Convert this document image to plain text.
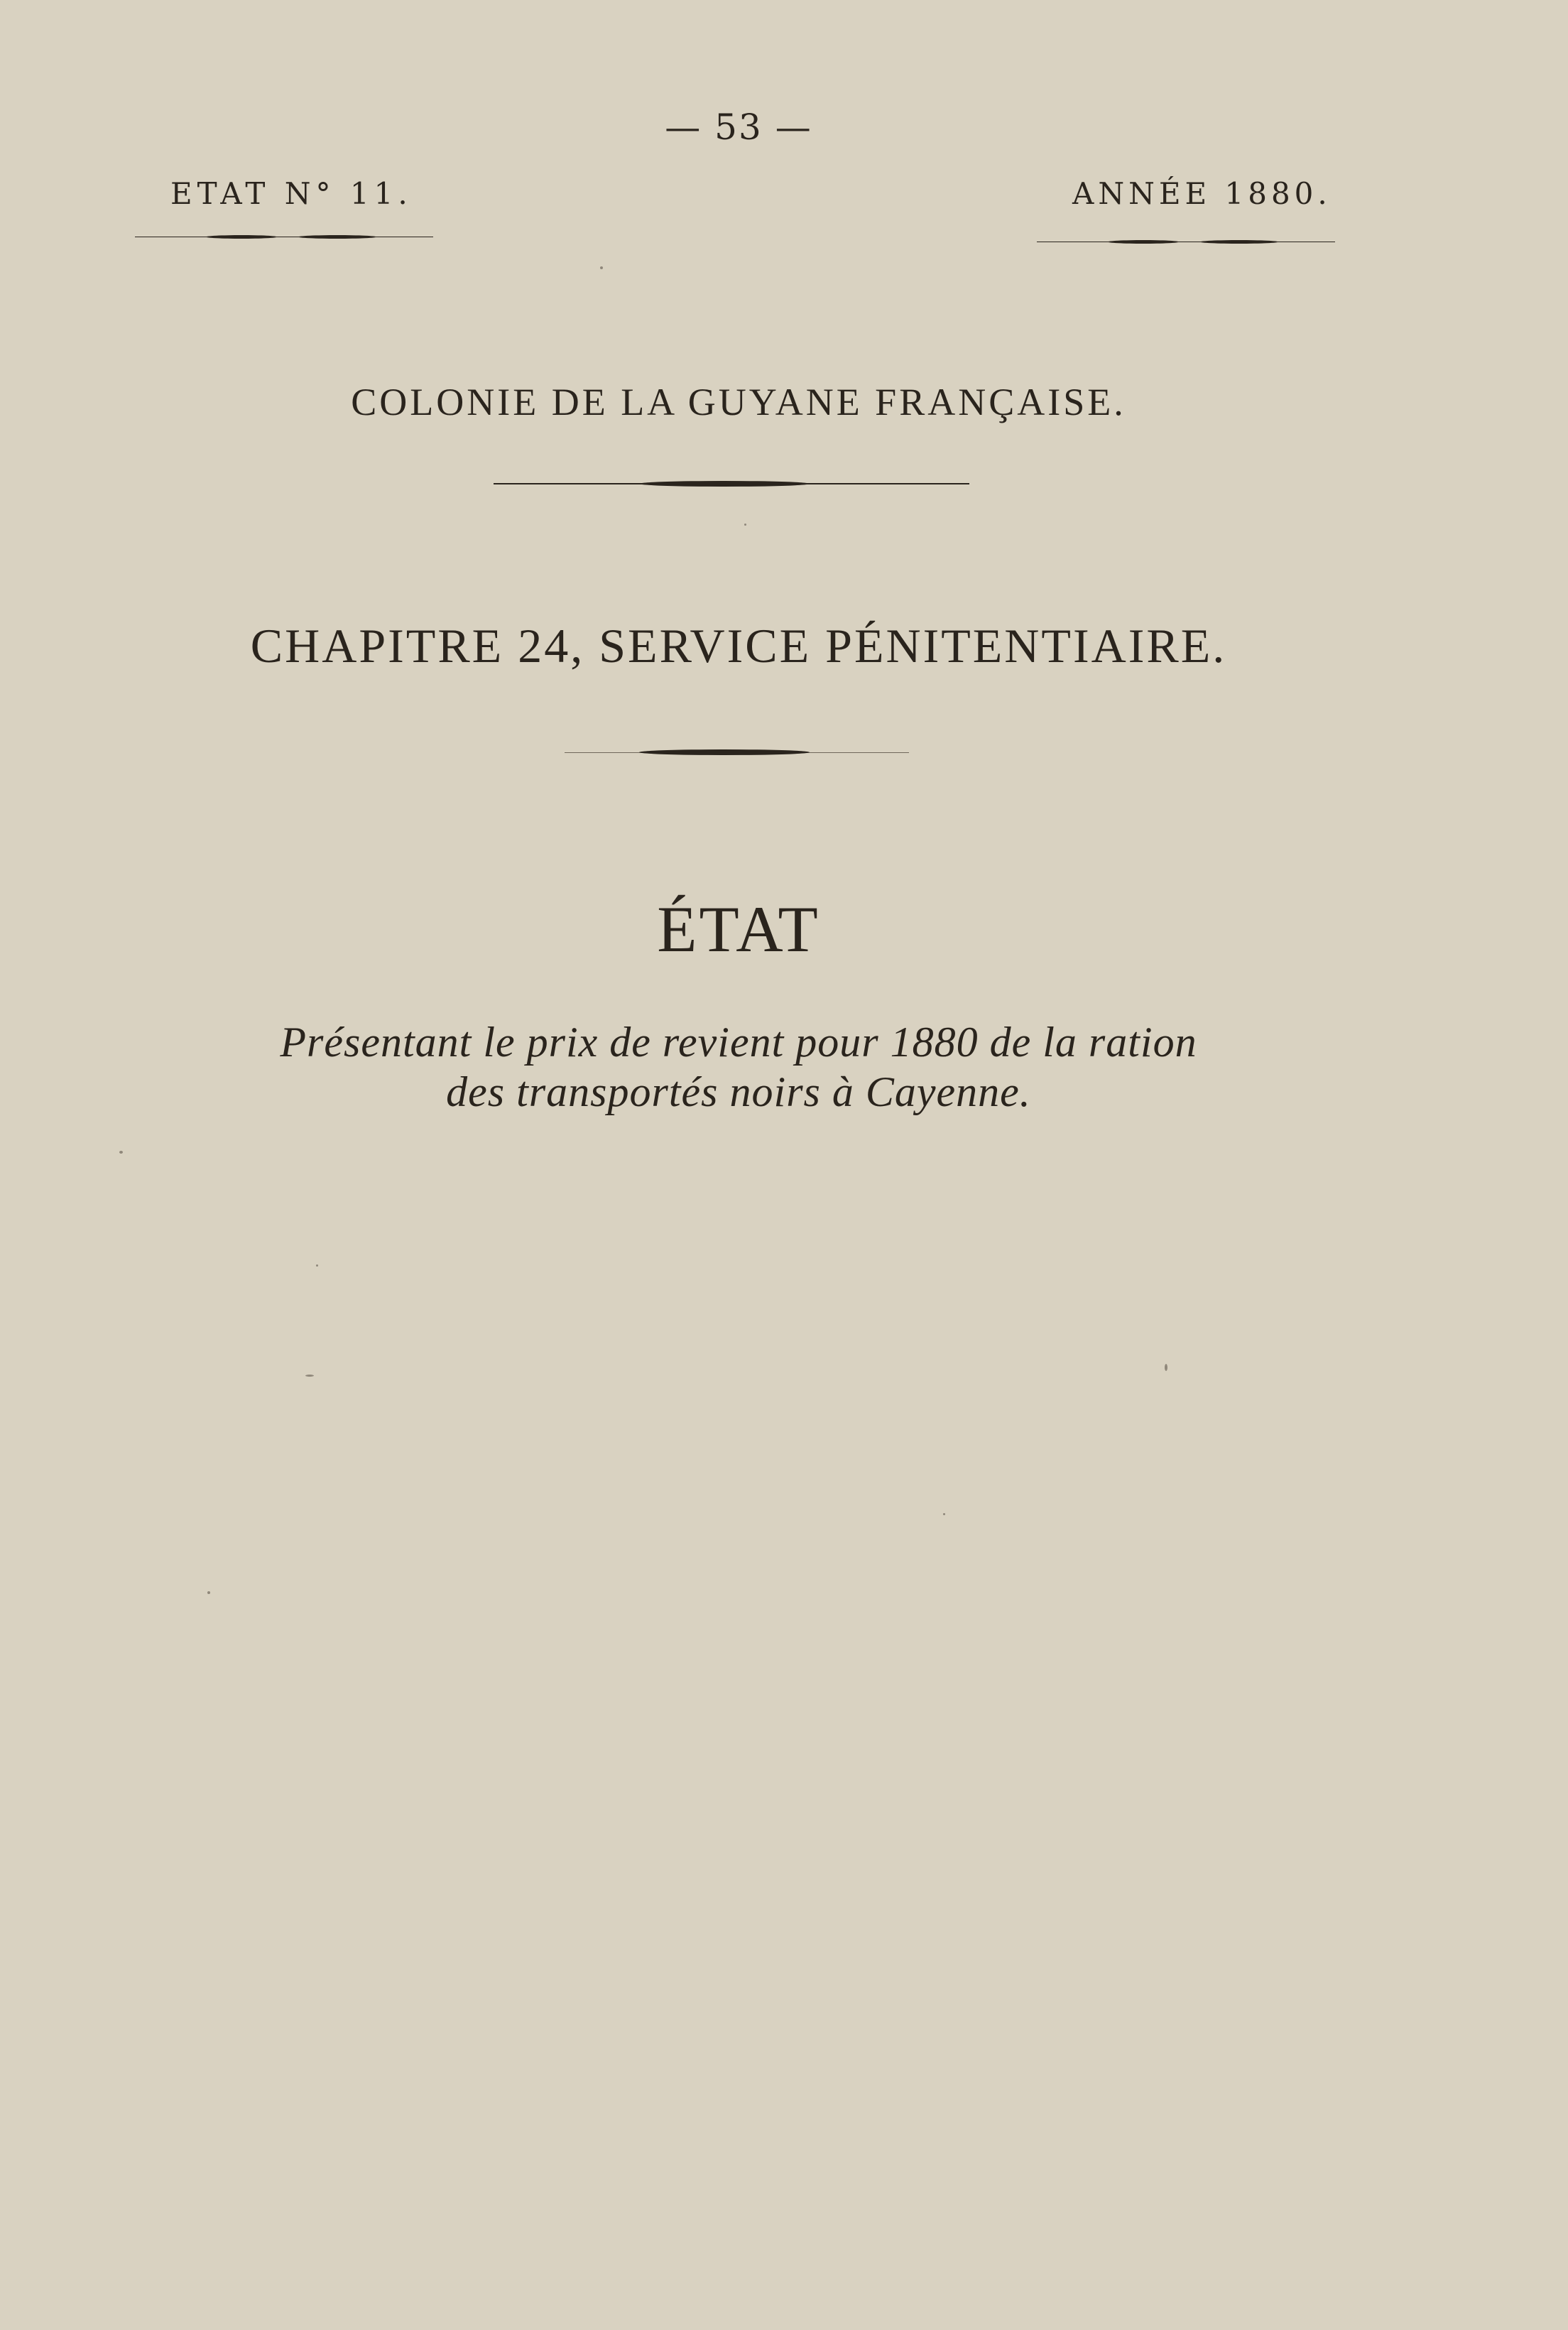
— 53 —
ETAT N° 11.	ANNÉE 1880.
COLONIE DE LA GUYANE FRANÇAISE.
CHAPITRE 24, SERVICE PÉNITENTIAIRE.
ÉTAT
Présentant le prix de revient pour 1880 de la ration
des transportés noirs à Cayenne.
